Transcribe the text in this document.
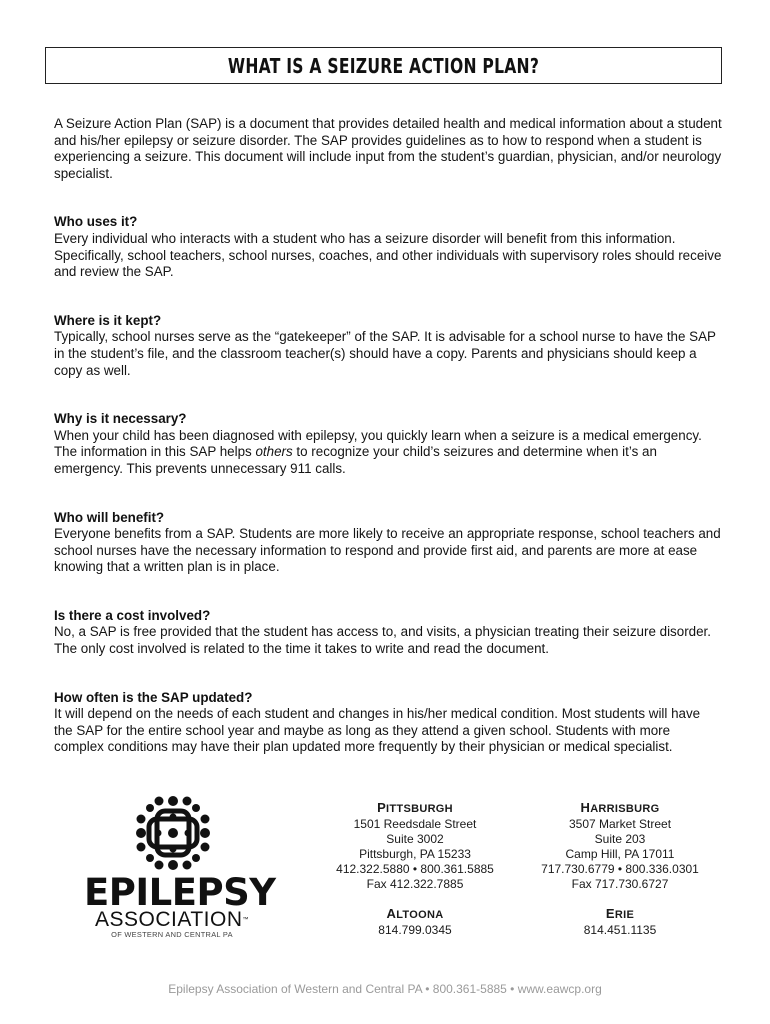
WHAT IS A SEIZURE ACTION PLAN?

A Seizure Action Plan (SAP) is a document that provides detailed health and medical information about a student and his/her epilepsy or seizure disorder. The SAP provides guidelines as to how to respond when a student is experiencing a seizure. This document will include input from the student’s guardian, physician, and/or neurology specialist.

Who uses it?

Every individual who interacts with a student who has a seizure disorder will benefit from this information. Specifically, school teachers, school nurses, coaches, and other individuals with supervisory roles should receive and review the SAP.

Where is it kept?

Typically, school nurses serve as the “gatekeeper” of the SAP. It is advisable for a school nurse to have the SAP in the student’s file, and the classroom teacher(s) should have a copy. Parents and physicians should keep a copy as well.

Why is it necessary?

When your child has been diagnosed with epilepsy, you quickly learn when a seizure is a medical emergency. The information in this SAP helps others to recognize your child’s seizures and determine when it’s an emergency. This prevents unnecessary 911 calls.

Who will benefit?

Everyone benefits from a SAP. Students are more likely to receive an appropriate response, school teachers and school nurses have the necessary information to respond and provide first aid, and parents are more at ease knowing that a written plan is in place.

Is there a cost involved?

No, a SAP is free provided that the student has access to, and visits, a physician treating their seizure disorder. The only cost involved is related to the time it takes to write and read the document.

How often is the SAP updated?

It will depend on the needs of each student and changes in his/her medical condition. Most students will have the SAP for the entire school year and maybe as long as they attend a given school. Students with more complex conditions may have their plan updated more frequently by their physician or medical specialist.

EPILEPSY
ASSOCIATION™
OF WESTERN AND CENTRAL PA
PITTSBURGH
1501 Reedsdale Street
Suite 3002
Pittsburgh, PA 15233
412.322.5880 • 800.361.5885
Fax 412.322.7885
HARRISBURG
3507 Market Street
Suite 203
Camp Hill, PA 17011
717.730.6779 • 800.336.0301
Fax 717.730.6727
ALTOONA
814.799.0345
ERIE
814.451.1135
Epilepsy Association of Western and Central PA • 800.361-5885 • www.eawcp.org
